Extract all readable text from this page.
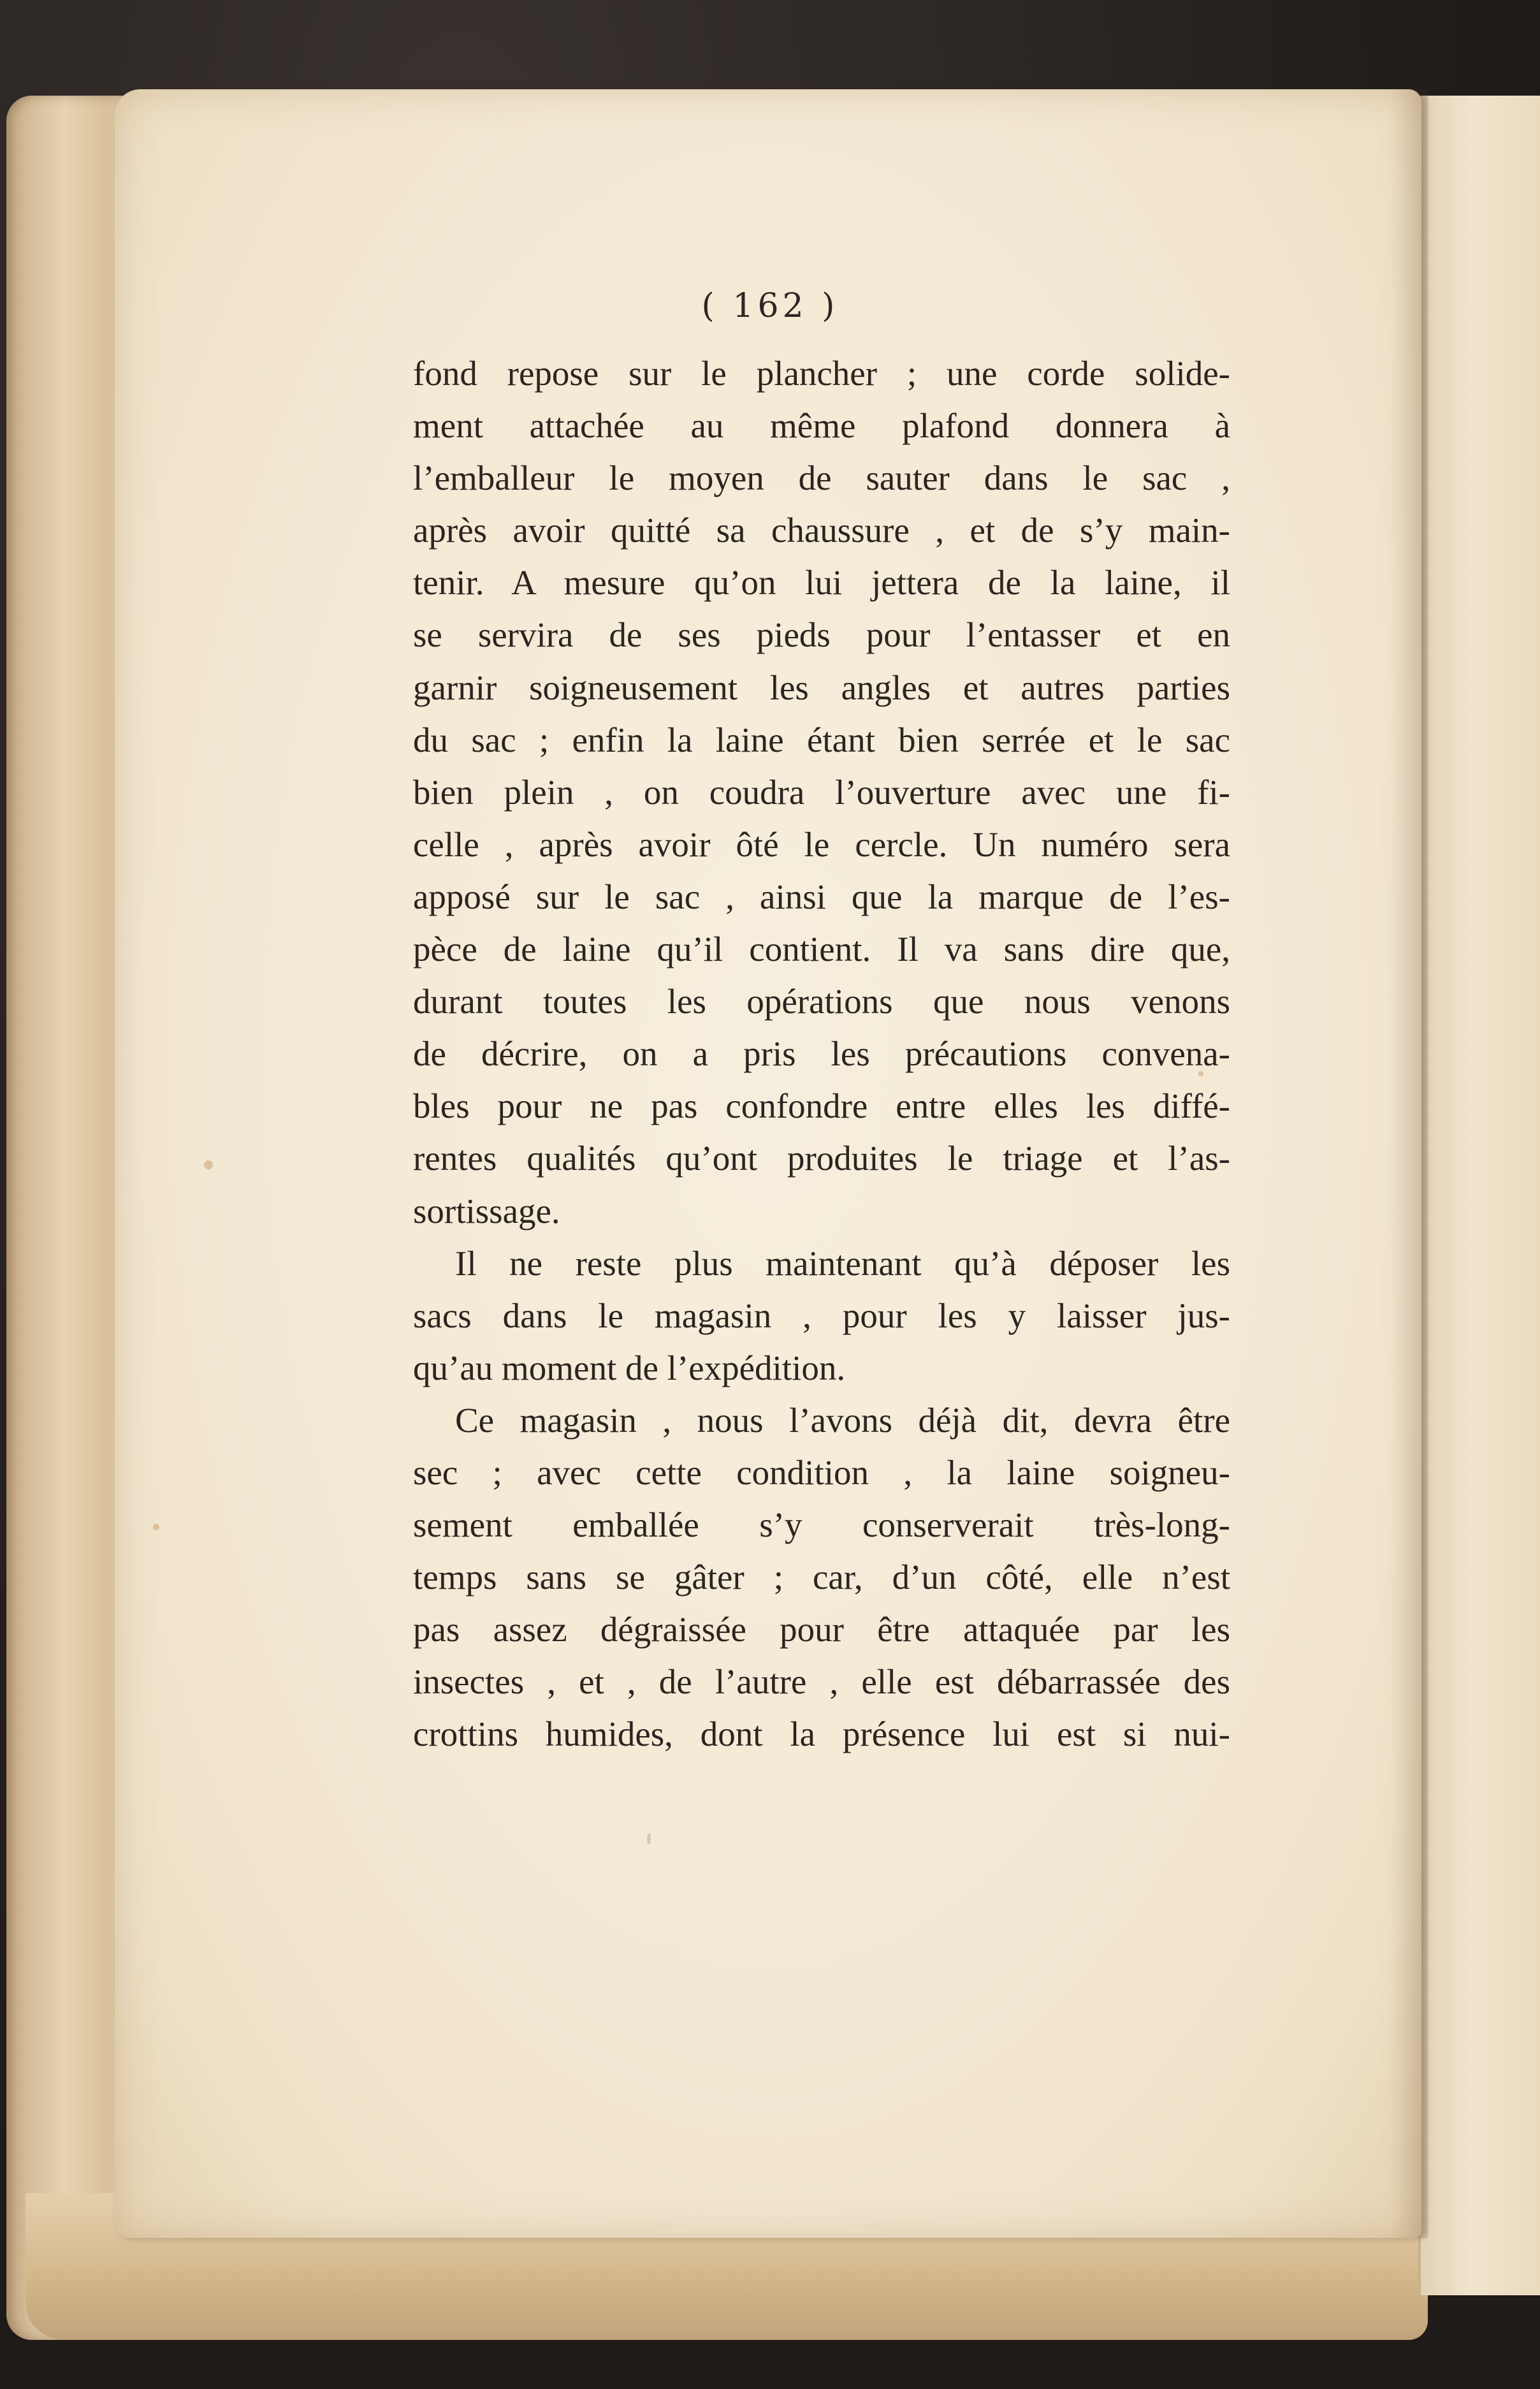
( 162 )
fond repose sur le plancher ; une corde solide-
ment attachée au même plafond donnera à
l’emballeur le moyen de sauter dans le sac ,
après avoir quitté sa chaussure , et de s’y main-
tenir. A mesure qu’on lui jettera de la laine, il
se servira de ses pieds pour l’entasser et en
garnir soigneusement les angles et autres parties
du sac ; enfin la laine étant bien serrée et le sac
bien plein , on coudra l’ouverture avec une fi-
celle , après avoir ôté le cercle. Un numéro sera
apposé sur le sac , ainsi que la marque de l’es-
pèce de laine qu’il contient. Il va sans dire que,
durant toutes les opérations que nous venons
de décrire, on a pris les précautions convena-
bles pour ne pas confondre entre elles les diffé-
rentes qualités qu’ont produites le triage et l’as-
sortissage.
Il ne reste plus maintenant qu’à déposer les
sacs dans le magasin , pour les y laisser jus-
qu’au moment de l’expédition.
Ce magasin , nous l’avons déjà dit, devra être
sec ; avec cette condition , la laine soigneu-
sement emballée s’y conserverait très-long-
temps sans se gâter ; car, d’un côté, elle n’est
pas assez dégraissée pour être attaquée par les
insectes , et , de l’autre , elle est débarrassée des
crottins humides, dont la présence lui est si nui-
